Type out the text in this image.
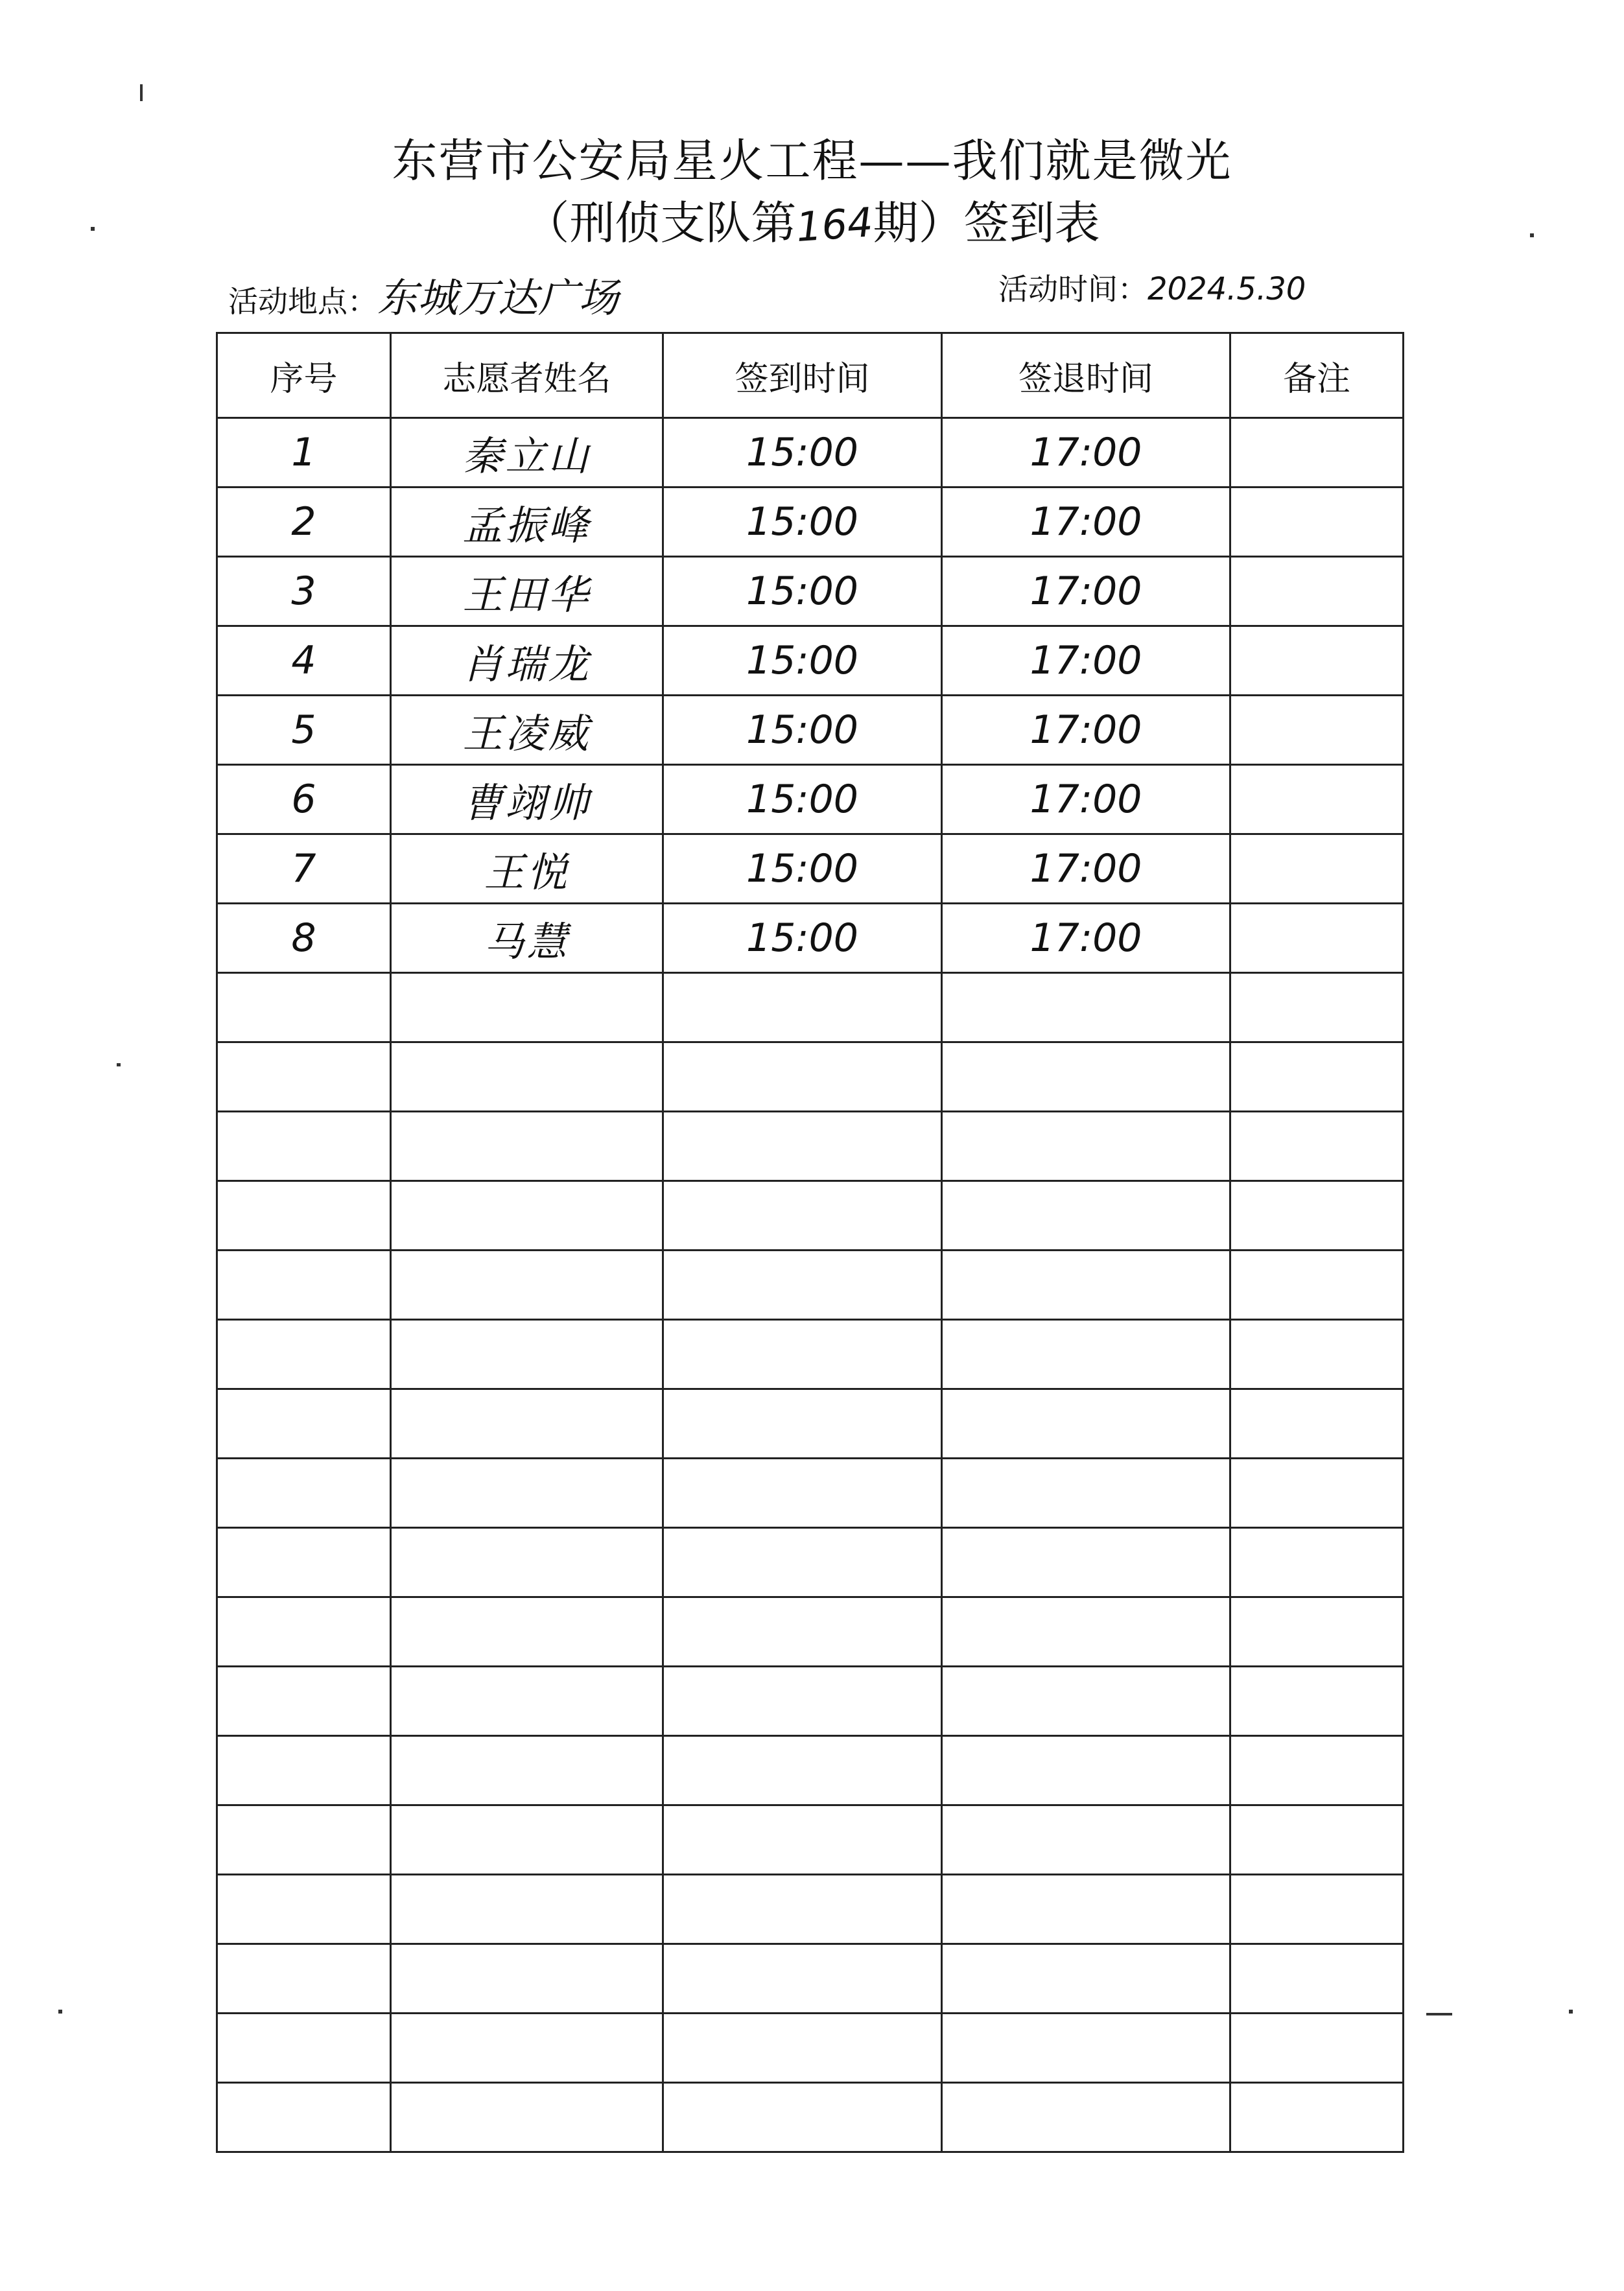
东营市公安局星火工程——我们就是微光
（刑侦支队第164期）签到表
活动地点：东城万达广场	活动时间：2024.5.30
序号	志愿者姓名	签到时间	签退时间	备注
1	秦立山	15:00	17:00	
2	孟振峰	15:00	17:00	
3	王田华	15:00	17:00	
4	肖瑞龙	15:00	17:00	
5	王凌威	15:00	17:00	
6	曹翊帅	15:00	17:00	
7	王悦	15:00	17:00	
8	马慧	15:00	17:00	
